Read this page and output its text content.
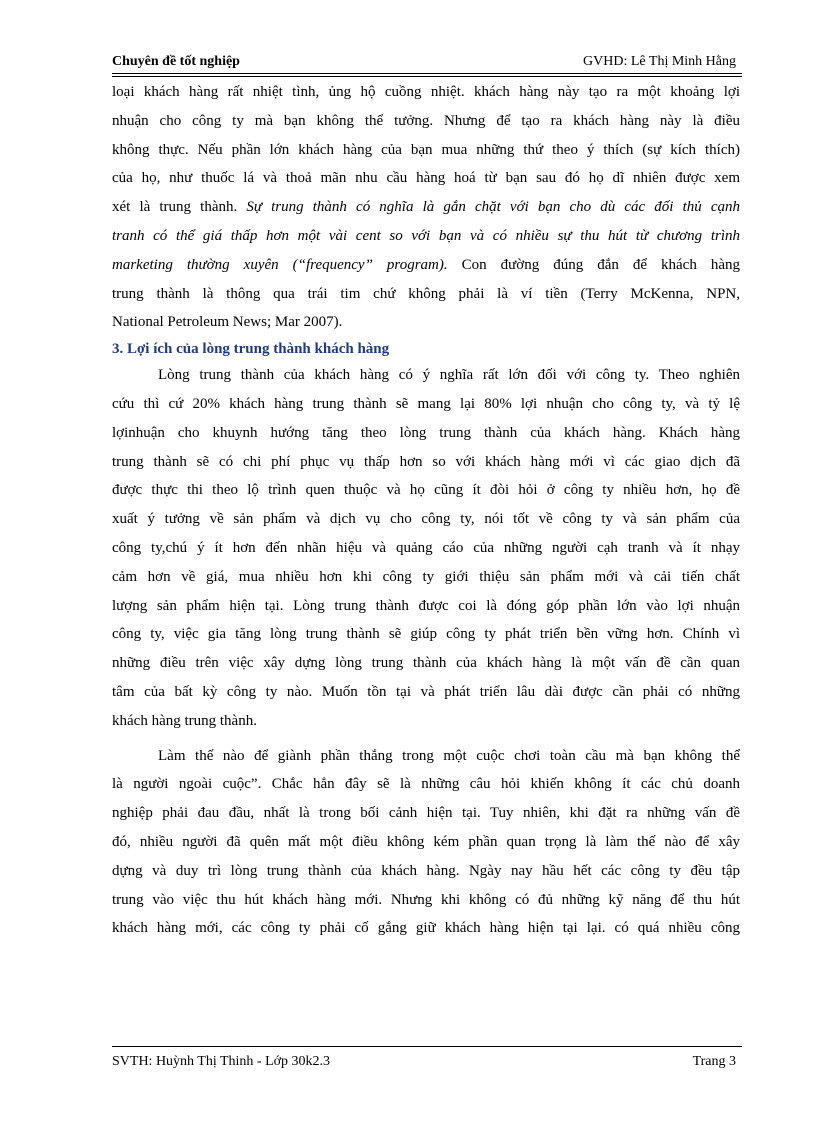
Chuyên đề tốt nghiệp	GVHD: Lê Thị Minh Hằng

loại khách hàng rất nhiệt tình, ủng hộ cuồng nhiệt. khách hàng này tạo ra một khoảng lợi
nhuận cho công ty mà bạn không thể tưởng. Nhưng để tạo ra khách hàng này là điều
không thực. Nếu phần lớn khách hàng của bạn mua những thứ theo ý thích (sự kích thích)
của họ, như thuốc lá và thoả mãn nhu cầu hàng hoá từ bạn sau đó họ dĩ nhiên được xem
xét là trung thành. Sự trung thành có nghĩa là gắn chặt với bạn cho dù các đối thủ cạnh
tranh có thể giá thấp hơn một vài cent so với bạn và có nhiều sự thu hút từ chương trình
marketing thường xuyên (“frequency” program). Con đường đúng đắn để khách hàng
trung thành là thông qua trái tim chứ không phải là ví tiền (Terry McKenna, NPN,
National Petroleum News; Mar 2007).

3. Lợi ích của lòng trung thành khách hàng

Lòng trung thành của khách hàng có ý nghĩa rất lớn đối với công ty. Theo nghiên
cứu thì cứ 20% khách hàng trung thành sẽ mang lại 80% lợi nhuận cho công ty, và tỷ lệ
lợinhuận cho khuynh hướng tăng theo lòng trung thành của khách hàng. Khách hàng
trung thành sẽ có chi phí phục vụ thấp hơn so với khách hàng mới vì các giao dịch đã
được thực thi theo lộ trình quen thuộc và họ cũng ít đòi hỏi ở công ty nhiều hơn, họ đề
xuất ý tưởng về sản phẩm và dịch vụ cho công ty, nói tốt về công ty và sản phẩm của
công ty,chú ý ít hơn đến nhãn hiệu và quảng cáo của những người cạh tranh và ít nhạy
cảm hơn về giá, mua nhiều hơn khi công ty giới thiệu sản phẩm mới và cải tiến chất
lượng sản phẩm hiện tại. Lòng trung thành được coi là đóng góp phần lớn vào lợi nhuận
công ty, việc gia tăng lòng trung thành sẽ giúp công ty phát triển bền vững hơn. Chính vì
những điều trên việc xây dựng lòng trung thành của khách hàng là một vấn đề cần quan
tâm của bất kỳ công ty nào. Muốn tồn tại và phát triển lâu dài được cần phải có những
khách hàng trung thành.

Làm thế nào để giành phần thắng trong một cuộc chơi toàn cầu mà bạn không thể
là người ngoài cuộc”. Chắc hẳn đây sẽ là những câu hỏi khiến không ít các chủ doanh
nghiệp phải đau đầu, nhất là trong bối cảnh hiện tại. Tuy nhiên, khi đặt ra những vấn đề
đó, nhiều người đã quên mất một điều không kém phần quan trọng là làm thế nào để xây
dựng và duy trì lòng trung thành của khách hàng. Ngày nay hầu hết các công ty đều tập
trung vào việc thu hút khách hàng mới. Nhưng khi không có đủ những kỹ năng để thu hút
khách hàng mới, các công ty phải cố gắng giữ khách hàng hiện tại lại. có quá nhiều công

SVTH: Huỳnh Thị Thinh - Lớp 30k2.3	Trang 3
